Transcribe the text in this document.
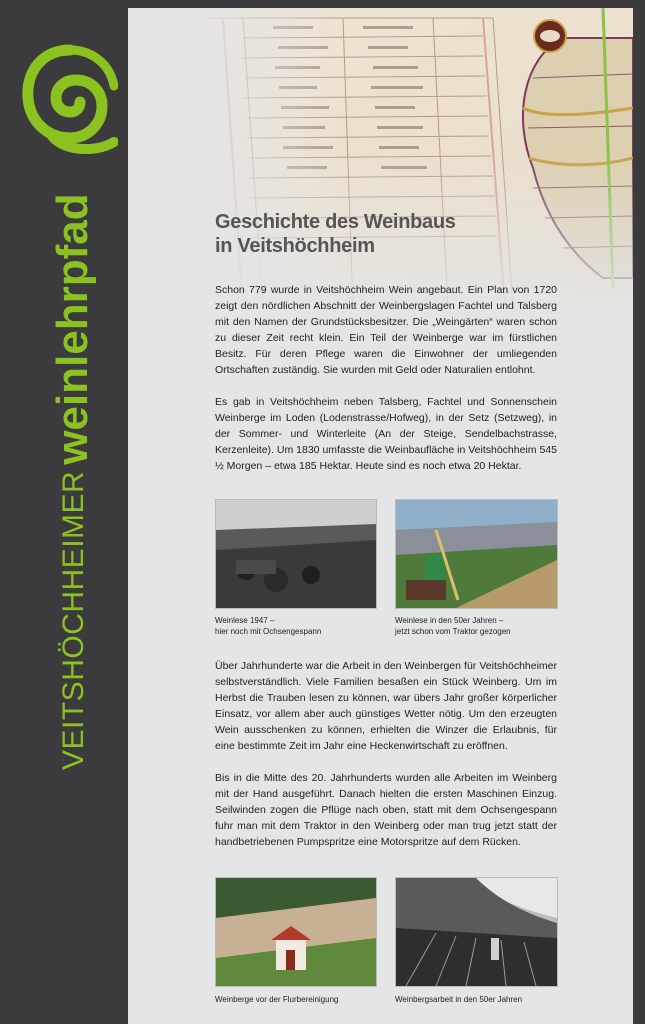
VEITSHÖCHHEIMERweinlehrpfad	Geschichte des Weinbaus
in Veitshöchheim

Schon 779 wurde in Veitshöchheim Wein angebaut. Ein Plan von 1720 zeigt den nördlichen Abschnitt der Weinbergslagen Fachtel und Talsberg mit den Namen der Grundstücksbesitzer. Die „Weingärten“ waren schon zu dieser Zeit recht klein. Ein Teil der Weinberge war im fürstlichen Besitz. Für deren Pflege waren die Einwohner der umliegenden Ortschaften zuständig. Sie wurden mit Geld oder Naturalien entlohnt.

Es gab in Veitshöchheim neben Talsberg, Fachtel und Sonnenschein Weinberge im Loden (Lodenstrasse/Hofweg), in der Setz (Setzweg), in der Sommer- und Winterleite (An der Steige, Sendelbachstrasse, Kerzenleite). Um 1830 umfasste die Weinbaufläche in Veitshöchheim 545 ½ Morgen – etwa 185 Hektar. Heute sind es noch etwa 20 Hektar.

Weinlese 1947 –
hier noch mit Ochsengespann
Weinlese in den 50er Jahren –
jetzt schon vom Traktor gezogen

Über Jahrhunderte war die Arbeit in den Weinbergen für Veitshöchheimer selbstverständlich. Viele Familien besaßen ein Stück Weinberg. Um im Herbst die Trauben lesen zu können, war übers Jahr großer körperlicher Einsatz, vor allem aber auch günstiges Wetter nötig. Um den erzeugten Wein ausschenken zu können, erhielten die Winzer die Erlaubnis, für eine bestimmte Zeit im Jahr eine Heckenwirtschaft zu eröffnen.

Bis in die Mitte des 20. Jahrhunderts wurden alle Arbeiten im Weinberg mit der Hand ausgeführt. Danach hielten die ersten Maschinen Einzug. Seilwinden zogen die Pflüge nach oben, statt mit dem Ochsengespann fuhr man mit dem Traktor in den Weinberg oder man trug jetzt statt der handbetriebenen Pumpspritze eine Motorspritze auf dem Rücken.

Weinberge vor der Flurbereinigung	Weinbergsarbeit in den 50er Jahren
